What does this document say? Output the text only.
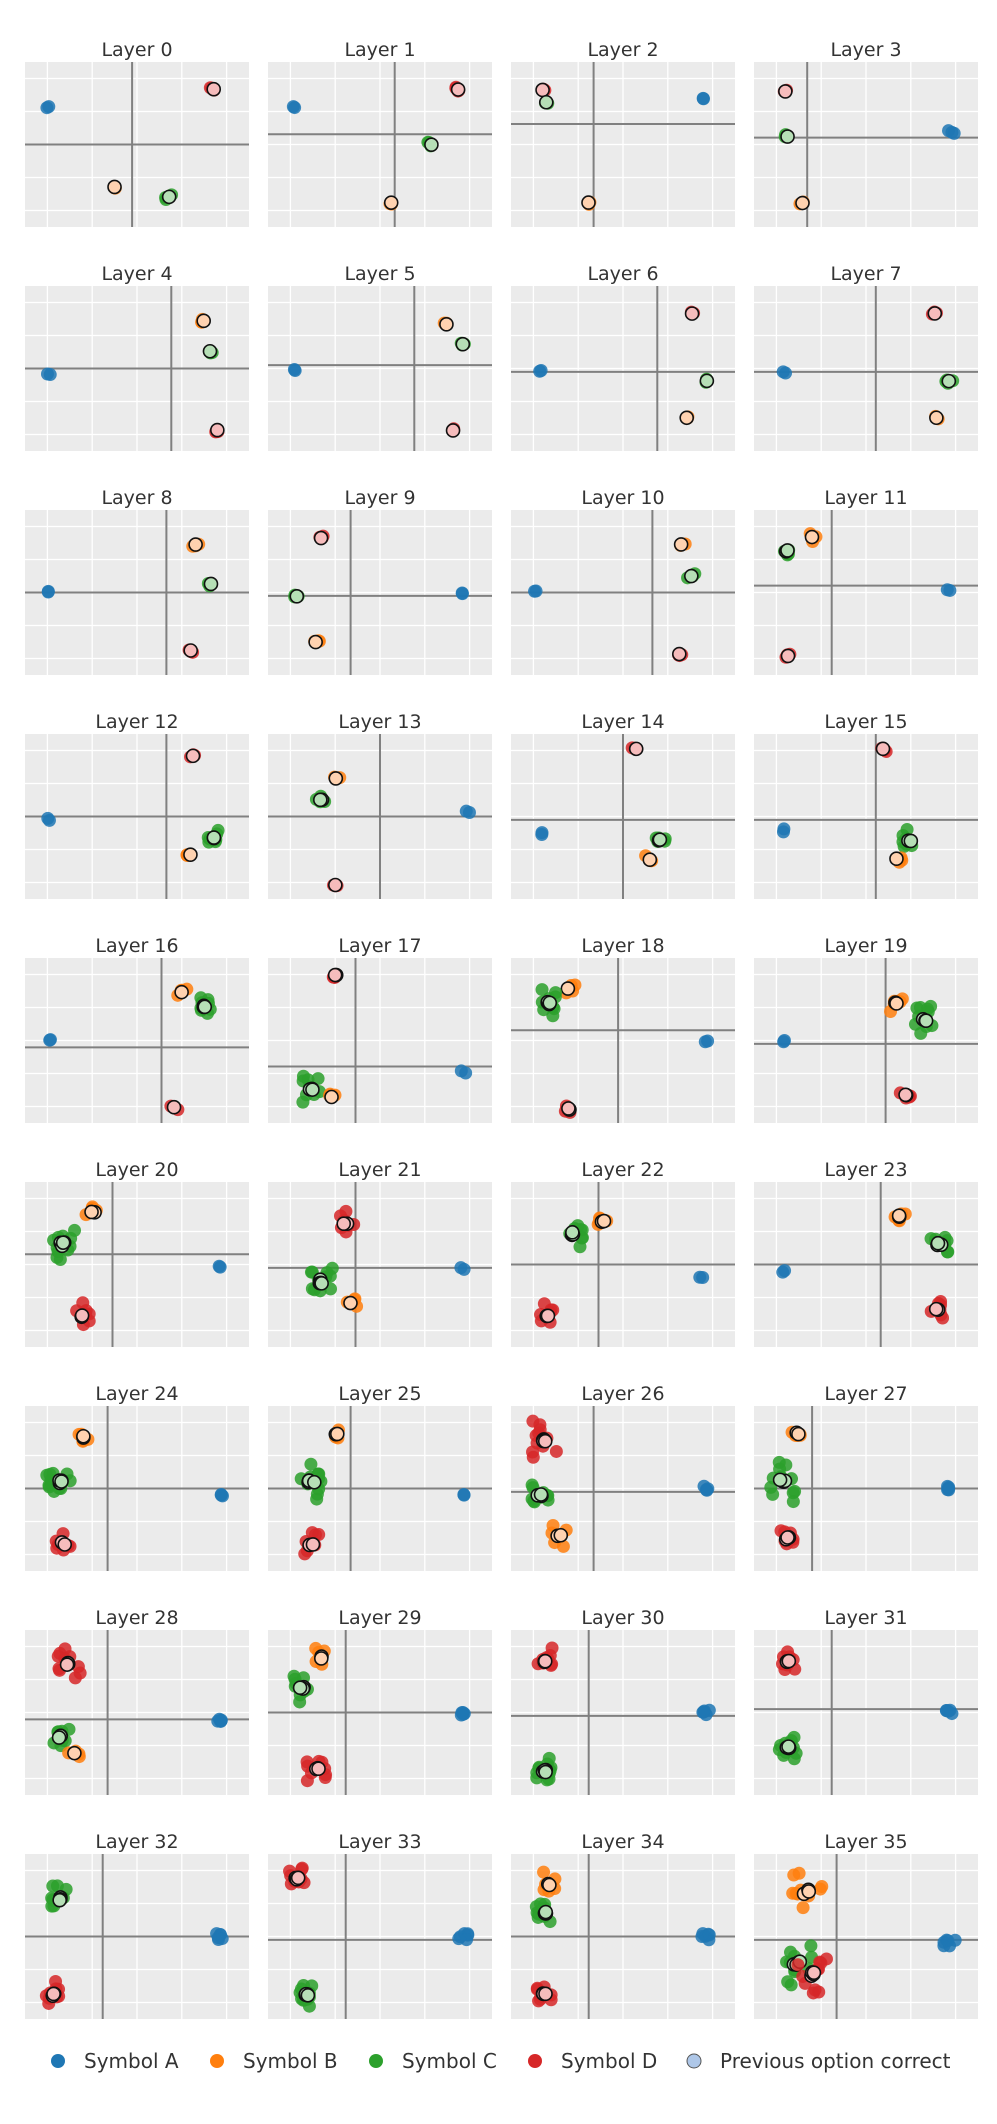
Layer 0	Layer 1	Layer 2	Layer 3
Layer 4	Layer 5	Layer 6	Layer 7
Layer 8	Layer 9	Layer 10	Layer 11
Layer 12	Layer 13	Layer 14	Layer 15
Layer 16	Layer 17	Layer 18	Layer 19
Layer 20	Layer 21	Layer 22	Layer 23
Layer 24	Layer 25	Layer 26	Layer 27
Layer 28	Layer 29	Layer 30	Layer 31
Layer 32	Layer 33	Layer 34	Layer 35
Symbol A	Symbol B	Symbol C	Symbol D	Previous option correct
